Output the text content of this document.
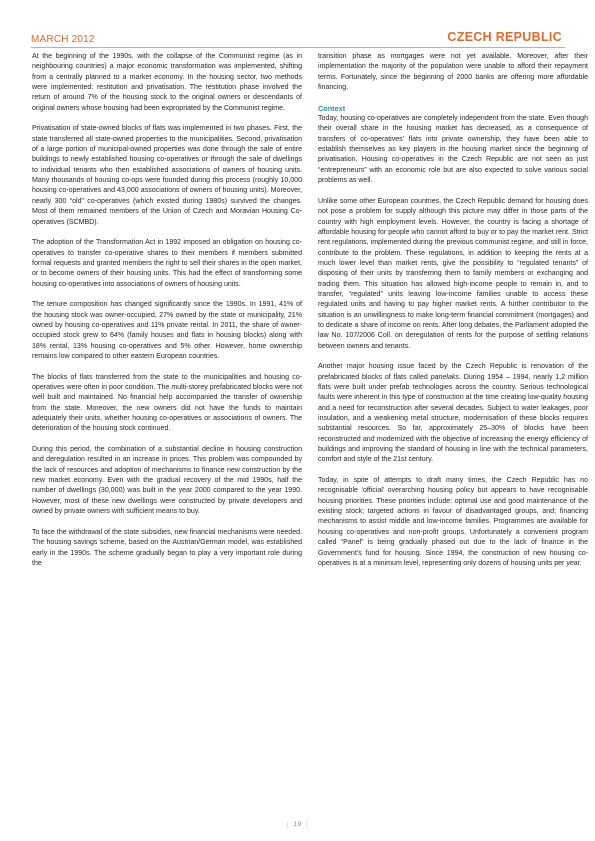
MARCH 2012	CZECH REPUBLIC

At the beginning of the 1990s, with the collapse of the Communist regime (as in neighbouring countries) a major economic transformation was implemented, shifting from a centrally planned to a market economy. In the housing sector, two methods were implemented: restitution and privatisation. The restitution phase involved the return of around 7% of the housing stock to the original owners or descendants of original owners whose housing had been expropriated by the Communist regime.

Privatisation of state-owned blocks of flats was implemented in two phases. First, the state transferred all state-owned properties to the municipalities. Second, privatisation of a large portion of municipal-owned properties was done through the sale of entire buildings to newly established housing co-operatives or through the sale of dwellings to individual tenants who then established associations of owners of housing units. Many thousands of housing co-ops were founded during this process (roughly 10,000 housing co-operatives and 43,000 associations of owners of housing units). Moreover, nearly 300 “old” co-operatives (which existed during 1980s) survived the changes. Most of them remained members of the Union of Czech and Moravian Housing Co-operatives (SCMBD).

The adoption of the Transformation Act in 1992 imposed an obligation on housing co-operatives to transfer co-operative shares to their members if members submitted formal requests and granted members the right to sell their shares in the open market, or to become owners of their housing units. This had the effect of transforming some housing co-operatives into associations of owners of housing units.

The tenure composition has changed significantly since the 1990s. In 1991, 41% of the housing stock was owner-occupied, 27% owned by the state or municipality, 21% owned by housing co-operatives and 11% private rental. In 2011, the share of owner-occupied stock grew to 64% (family houses and flats in housing blocks) along with 18% rental, 13% housing co-operatives and 5% other. However, home ownership remains low compared to other eastern European countries.

The blocks of flats transferred from the state to the municipalities and housing co-operatives were often in poor condition. The multi-storey prefabricated blocks were not well built and maintained. No financial help accompanied the transfer of ownership from the state. Moreover, the new owners did not have the funds to maintain adequately their units, whether housing co-operatives or associations of owners. The deterioration of the housing stock continued.

During this period, the combination of a substantial decline in housing construction and deregulation resulted in an increase in prices. This problem was compounded by the lack of resources and adoption of mechanisms to finance new construction by the new market economy. Even with the gradual recovery of the mid 1990s, half the number of dwellings (30,000) was built in the year 2000 compared to the year 1990. However, most of these new dwellings were constructed by private developers and owned by private owners with sufficient means to buy.

To face the withdrawal of the state subsidies, new financial mechanisms were needed. The housing savings scheme, based on the Austrian/German model, was established early in the 1990s. The scheme gradually began to play a very important role during the

transition phase as mortgages were not yet available. Moreover, after their implementation the majority of the population were unable to afford their repayment terms. Fortunately, since the beginning of 2000 banks are offering more affordable financing.

Context

Today, housing co-operatives are completely independent from the state. Even though their overall share in the housing market has decreased, as a consequence of transfers of co-operatives’ flats into private ownership, they have been able to establish themselves as key players in the housing market since the beginning of privatisation. Housing co-operatives in the Czech Republic are not seen as just “entrepreneurs” with an economic role but are also expected to solve various social problems as well.

Unlike some other European countries, the Czech Republic demand for housing does not pose a problem for supply although this picture may differ in those parts of the country with high employment levels. However, the country is facing a shortage of affordable housing for people who cannot afford to buy or to pay the market rent. Strict rent regulations, implemented during the previous communist regime, and still in force, contribute to the problem. These regulations, in addition to keeping the rents at a much lower level than market rents, give the possibility to “regulated tenants” of disposing of their units by transferring them to family members or exchanging and trading them. This situation has allowed high-income people to remain in, and to transfer, “regulated” units leaving low-income families unable to access these regulated units and having to pay higher market rents. A further contributor to the situation is an unwillingness to make long-term financial commitment (mortgages) and to dedicate a share of income on rents. After long debates, the Parliament adopted the law No. 107/2006 Coll. on deregulation of rents for the purpose of settling relations between owners and tenants.

Another major housing issue faced by the Czech Republic is renovation of the prefabricated blocks of flats called panelaks. During 1954 – 1994, nearly 1,2 million flats were built under prefab technologies across the country. Serious technological faults were inherent in this type of construction at the time creating low-quality housing and a need for reconstruction after several decades. Subject to water leakages, poor insulation, and a weakening metal structure, modernisation of these blocks requires substantial resources. So far, approximately 25–30% of blocks have been reconstructed and modernized with the objective of increasing the energy efficiency of buildings and improving the standard of housing in line with the technical parameters, comfort and style of the 21st century.

Today, in spite of attempts to draft many times, the Czech Republic has no recognisable ‘official’ overarching housing policy but appears to have recognisable housing priorities. These priorities include: optimal use and good maintenance of the existing stock; targeted actions in favour of disadvantaged groups, and; financing mechanisms to assist middle and low-income families. Programmes are available for housing co-operatives and non-profit groups. Unfortunately a convenient program called “Panel” is being gradually phased out due to the lack of finance in the Government’s fund for housing. Since 1994, the construction of new housing co-operatives is at a minimum level, representing only dozens of housing units per year.

| 19 |
